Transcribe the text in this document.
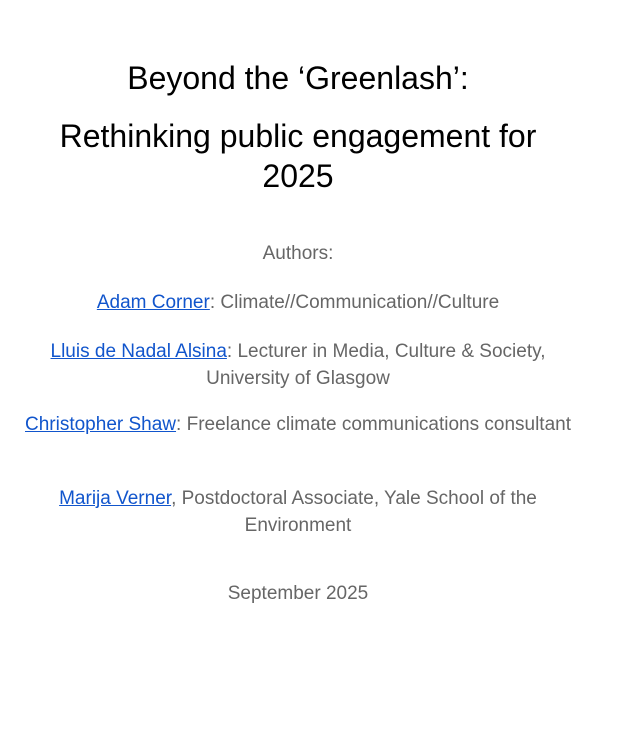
Beyond the ‘Greenlash’:
Rethinking public engagement for
2025
Authors:
Adam Corner: Climate//Communication//Culture
Lluis de Nadal Alsina: Lecturer in Media, Culture & Society, University of Glasgow
Christopher Shaw: Freelance climate communications consultant
Marija Verner, Postdoctoral Associate, Yale School of the Environment
September 2025
